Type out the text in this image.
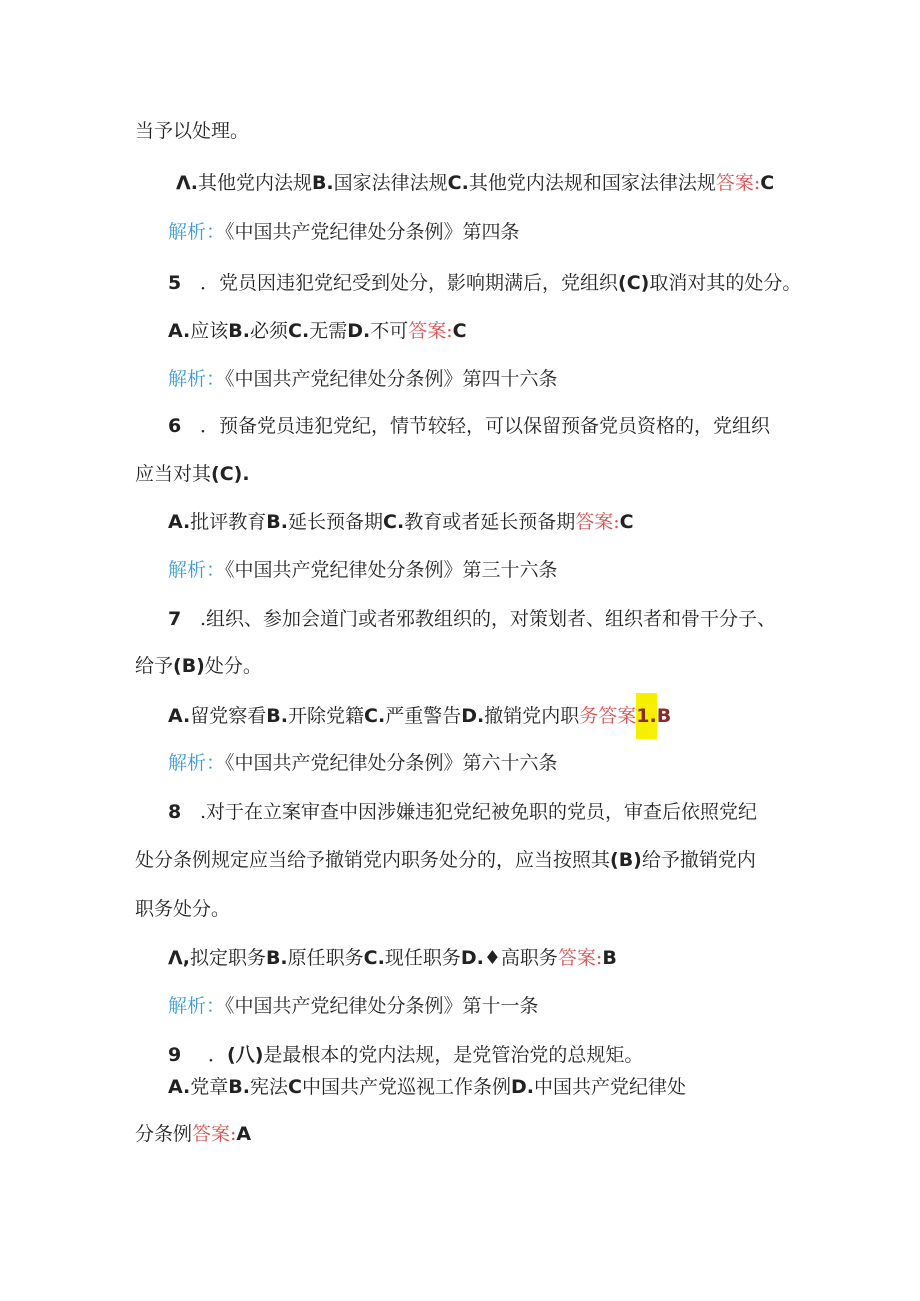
当予以处理。
Λ.其他党内法规B.国家法律法规C.其他党内法规和国家法律法规答案:C
解析：《中国共产党纪律处分条例》第四条
5 ．党员因违犯党纪受到处分，影响期满后，党组织(C)取消对其的处分。
A.应该B.必须C.无需D.不可答案:C
解析：《中国共产党纪律处分条例》第四十六条
6 ．预备党员违犯党纪，情节较轻，可以保留预备党员资格的，党组织
应当对其(C).
A.批评教育B.延长预备期C.教育或者延长预备期答案:C
解析：《中国共产党纪律处分条例》第三十六条
7 .组织、参加会道门或者邪教组织的，对策划者、组织者和骨干分子、
给予(B)处分。
A.留党察看B.开除党籍C.严重警告D.撤销党内职务答案1.B
解析：《中国共产党纪律处分条例》第六十六条
8 .对于在立案审查中因涉嫌违犯党纪被免职的党员，审查后依照党纪
处分条例规定应当给予撤销党内职务处分的，应当按照其(B)给予撤销党内
职务处分。
Λ,拟定职务B.原任职务C.现任职务D.♦高职务答案:B
解析：《中国共产党纪律处分条例》第十一条
9 ．(八)是最根本的党内法规，是党管治党的总规矩。
A.党章B.宪法C中国共产党巡视工作条例D.中国共产党纪律处
分条例答案:A
